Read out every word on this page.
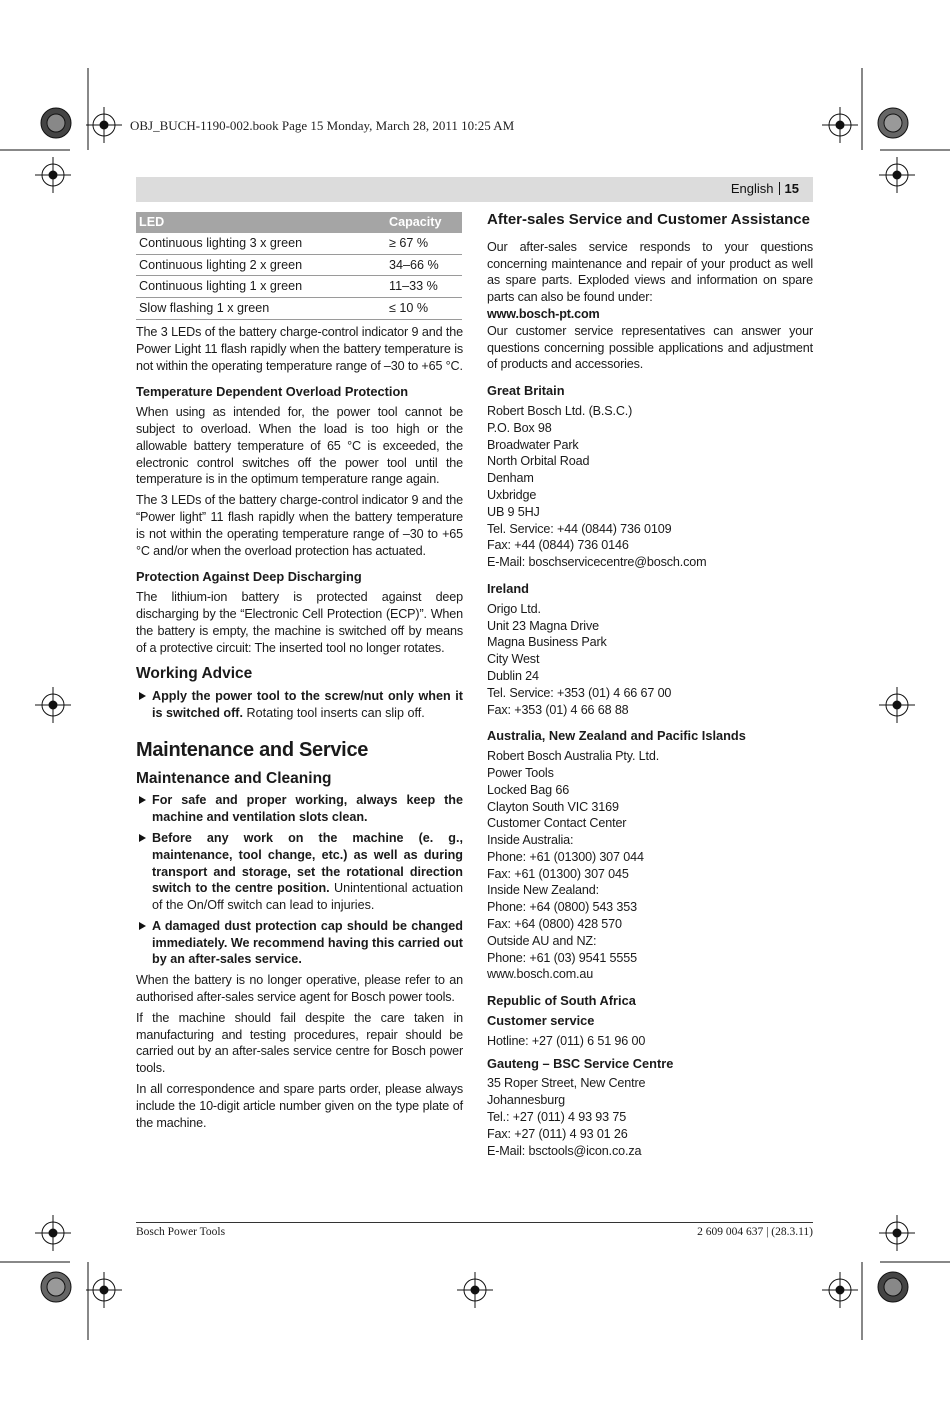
OBJ_BUCH-1190-002.book Page 15 Monday, March 28, 2011 10:25 AM
English 15
LED	Capacity
Continuous lighting 3 x green	≥ 67 %
Continuous lighting 2 x green	34–66 %
Continuous lighting 1 x green	11–33 %
Slow flashing 1 x green	≤ 10 %

The 3 LEDs of the battery charge-control indicator 9 and the Power Light 11 flash rapidly when the battery temperature is not within the operating temperature range of –30 to +65 °C.

Temperature Dependent Overload Protection

When using as intended for, the power tool cannot be subject to overload. When the load is too high or the allowable battery temperature of 65 °C is exceeded, the electronic control switches off the power tool until the temperature is in the optimum temperature range again.

The 3 LEDs of the battery charge-control indicator 9 and the “Power light” 11 flash rapidly when the battery temperature is not within the operating temperature range of –30 to +65 °C and/or when the overload protection has actuated.

Protection Against Deep Discharging

The lithium-ion battery is protected against deep discharging by the “Electronic Cell Protection (ECP)”. When the battery is empty, the machine is switched off by means of a protective circuit: The inserted tool no longer rotates.

Working Advice
Apply the power tool to the screw/nut only when it is switched off. Rotating tool inserts can slip off.
Maintenance and Service
Maintenance and Cleaning
For safe and proper working, always keep the machine and ventilation slots clean.
Before any work on the machine (e. g., maintenance, tool change, etc.) as well as during transport and storage, set the rotational direction switch to the centre position. Unintentional actuation of the On/Off switch can lead to injuries.
A damaged dust protection cap should be changed immediately. We recommend having this carried out by an after-sales service.

When the battery is no longer operative, please refer to an authorised after-sales service agent for Bosch power tools.

If the machine should fail despite the care taken in manufacturing and testing procedures, repair should be carried out by an after-sales service centre for Bosch power tools.

In all correspondence and spare parts order, please always include the 10-digit article number given on the type plate of the machine.

After-sales Service and Customer Assistance

Our after-sales service responds to your questions concerning maintenance and repair of your product as well as spare parts. Exploded views and information on spare parts can also be found under:

www.bosch-pt.com

Our customer service representatives can answer your questions concerning possible applications and adjustment of products and accessories.

Great Britain

Robert Bosch Ltd. (B.S.C.)

P.O. Box 98

Broadwater Park

North Orbital Road

Denham

Uxbridge

UB 9 5HJ

Tel. Service: +44 (0844) 736 0109

Fax: +44 (0844) 736 0146

E-Mail: boschservicecentre@bosch.com

Ireland

Origo Ltd.

Unit 23 Magna Drive

Magna Business Park

City West

Dublin 24

Tel. Service: +353 (01) 4 66 67 00

Fax: +353 (01) 4 66 68 88

Australia, New Zealand and Pacific Islands

Robert Bosch Australia Pty. Ltd.

Power Tools

Locked Bag 66

Clayton South VIC 3169

Customer Contact Center

Inside Australia:

Phone: +61 (01300) 307 044

Fax: +61 (01300) 307 045

Inside New Zealand:

Phone: +64 (0800) 543 353

Fax: +64 (0800) 428 570

Outside AU and NZ:

Phone: +61 (03) 9541 5555

www.bosch.com.au

Republic of South Africa
Customer service

Hotline: +27 (011) 6 51 96 00

Gauteng – BSC Service Centre

35 Roper Street, New Centre

Johannesburg

Tel.: +27 (011) 4 93 93 75

Fax: +27 (011) 4 93 01 26

E-Mail: bsctools@icon.co.za

Bosch Power Tools	2 609 004 637 | (28.3.11)
